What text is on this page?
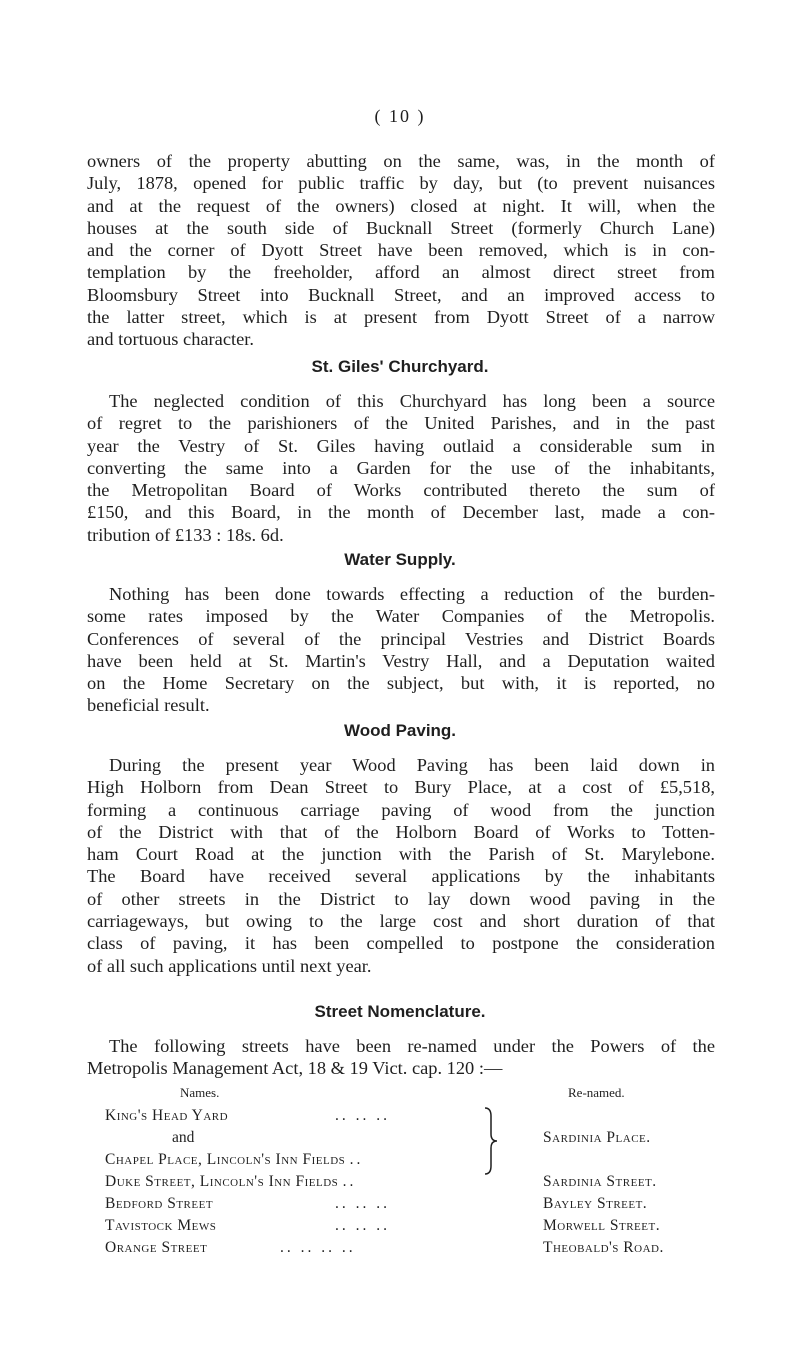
( 10 )

owners of the property abutting on the same, was, in the month of
July, 1878, opened for public traffic by day, but (to prevent nuisances
and at the request of the owners) closed at night. It will, when the
houses at the south side of Bucknall Street (formerly Church Lane)
and the corner of Dyott Street have been removed, which is in con-
templation by the freeholder, afford an almost direct street from
Bloomsbury Street into Bucknall Street, and an improved access to
the latter street, which is at present from Dyott Street of a narrow
and tortuous character.

St. Giles' Churchyard.

The neglected condition of this Churchyard has long been a source
of regret to the parishioners of the United Parishes, and in the past
year the Vestry of St. Giles having outlaid a considerable sum in
converting the same into a Garden for the use of the inhabitants,
the Metropolitan Board of Works contributed thereto the sum of
£150, and this Board, in the month of December last, made a con-
tribution of £133 : 18s. 6d.

Water Supply.

Nothing has been done towards effecting a reduction of the burden-
some rates imposed by the Water Companies of the Metropolis.
Conferences of several of the principal Vestries and District Boards
have been held at St. Martin's Vestry Hall, and a Deputation waited
on the Home Secretary on the subject, but with, it is reported, no
beneficial result.

Wood Paving.

During the present year Wood Paving has been laid down in
High Holborn from Dean Street to Bury Place, at a cost of £5,518,
forming a continuous carriage paving of wood from the junction
of the District with that of the Holborn Board of Works to Totten-
ham Court Road at the junction with the Parish of St. Marylebone.
The Board have received several applications by the inhabitants
of other streets in the District to lay down wood paving in the
carriageways, but owing to the large cost and short duration of that
class of paving, it has been compelled to postpone the consideration
of all such applications until next year.

Street Nomenclature.

The following streets have been re-named under the Powers of the
Metropolis Management Act, 18 & 19 Vict. cap. 120 :—

Names.	Re-named.
King's Head Yard	.. .. ..
and
Chapel Place, Lincoln's Inn Fields ..
Sardinia Place.
Duke Street, Lincoln's Inn Fields ..	Sardinia Street.
Bedford Street	.. .. ..	Bayley Street.
Tavistock Mews	.. .. ..	Morwell Street.
Orange Street	.. .. .. ..	Theobald's Road.
